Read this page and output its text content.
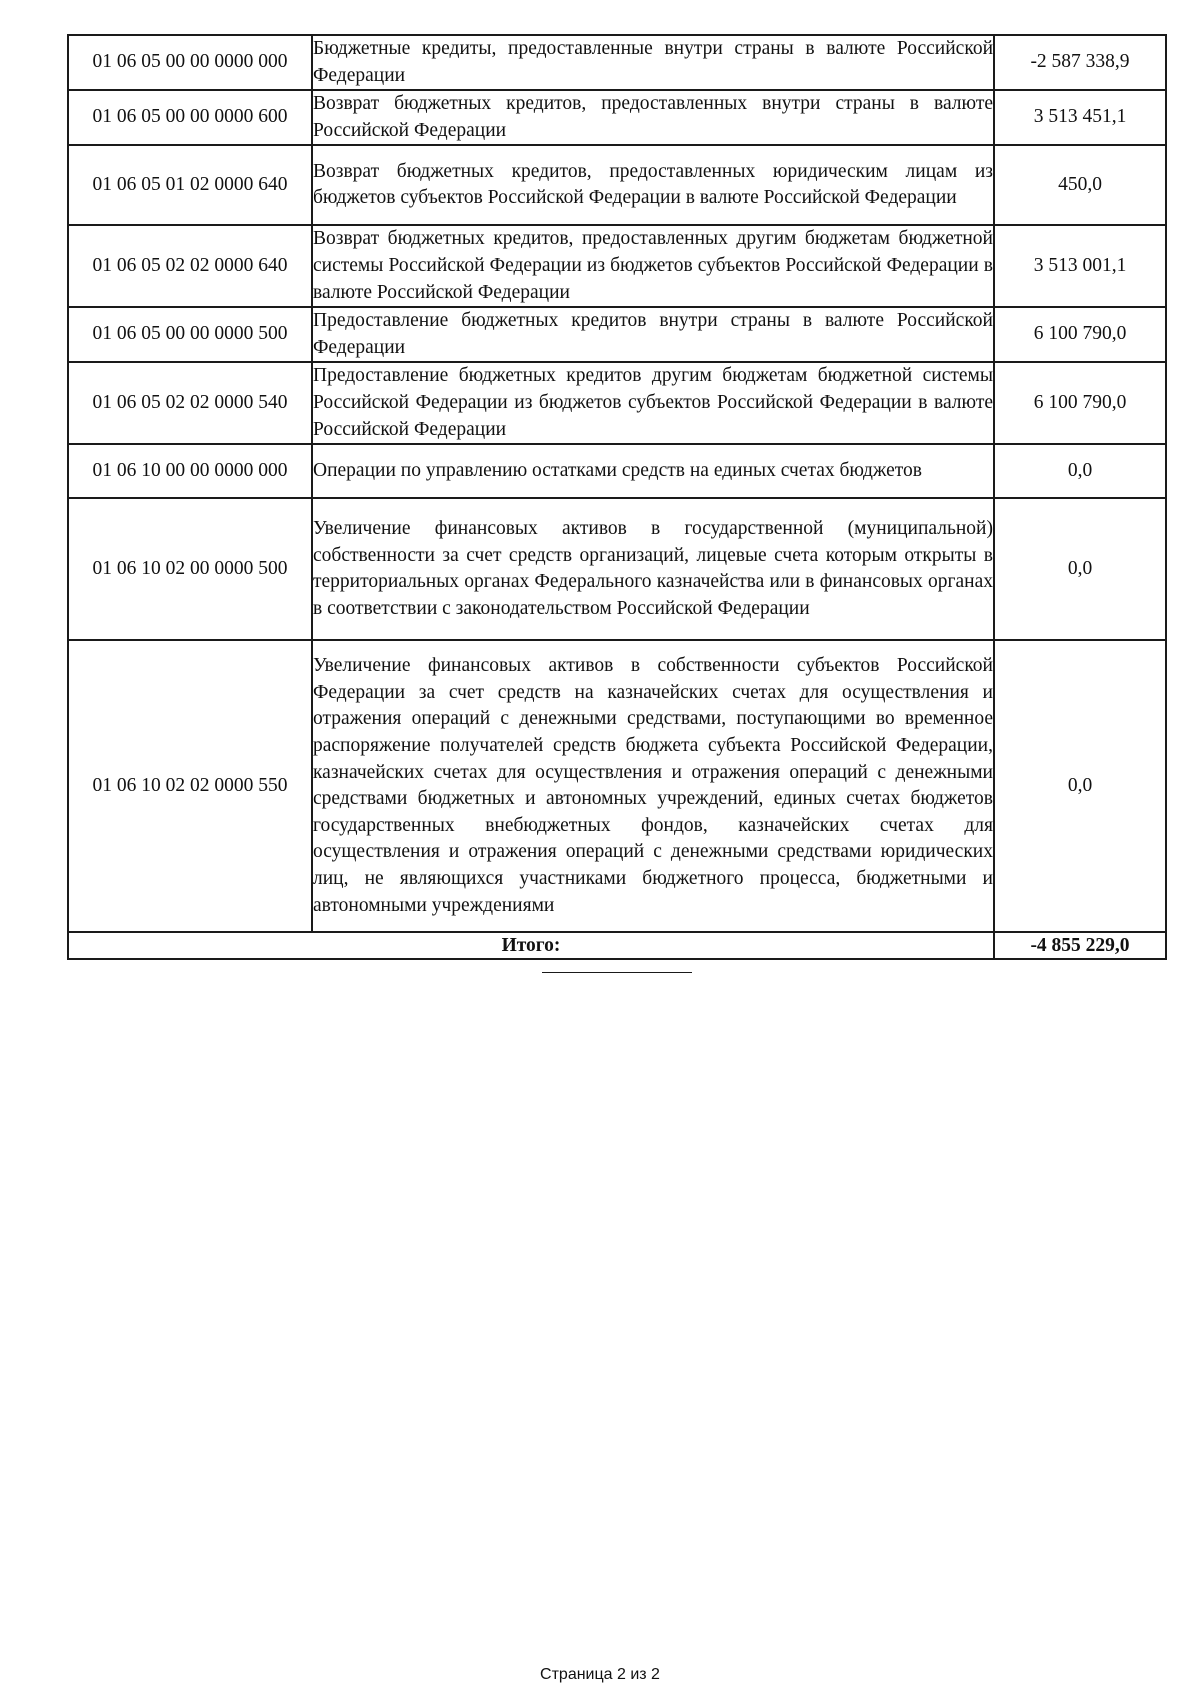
01 06 05 00 00 0000 000	Бюджетные кредиты, предоставленные внутри страны в валюте Российской Федерации	-2 587 338,9
01 06 05 00 00 0000 600	Возврат бюджетных кредитов, предоставленных внутри страны в валюте Российской Федерации	3 513 451,1
01 06 05 01 02 0000 640	Возврат бюджетных кредитов, предоставленных юридическим лицам из бюджетов субъектов Российской Федерации в валюте Российской Федерации	450,0
01 06 05 02 02 0000 640	Возврат бюджетных кредитов, предоставленных другим бюджетам бюджетной системы Российской Федерации из бюджетов субъектов Российской Федерации в валюте Российской Федерации	3 513 001,1
01 06 05 00 00 0000 500	Предоставление бюджетных кредитов внутри страны в валюте Российской Федерации	6 100 790,0
01 06 05 02 02 0000 540	Предоставление бюджетных кредитов другим бюджетам бюджетной системы Российской Федерации из бюджетов субъектов Российской Федерации в валюте Российской Федерации	6 100 790,0
01 06 10 00 00 0000 000	Операции по управлению остатками средств на единых счетах бюджетов	0,0
01 06 10 02 00 0000 500	Увеличение финансовых активов в государственной (муниципальной) собственности за счет средств организаций, лицевые счета которым открыты в территориальных органах Федерального казначейства или в финансовых органах в соответствии с законодательством Российской Федерации	0,0
01 06 10 02 02 0000 550	Увеличение финансовых активов в собственности субъектов Российской Федерации за счет средств на казначейских счетах для осуществления и отражения операций с денежными средствами, поступающими во временное распоряжение получателей средств бюджета субъекта Российской Федерации, казначейских счетах для осуществления и отражения операций с денежными средствами бюджетных и автономных учреждений, единых счетах бюджетов государственных внебюджетных фондов, казначейских счетах для осуществления и отражения операций с денежными средствами юридических лиц, не являющихся участниками бюджетного процесса, бюджетными и автономными учреждениями	0,0
Итого:		-4 855 229,0
Страница 2 из 2
